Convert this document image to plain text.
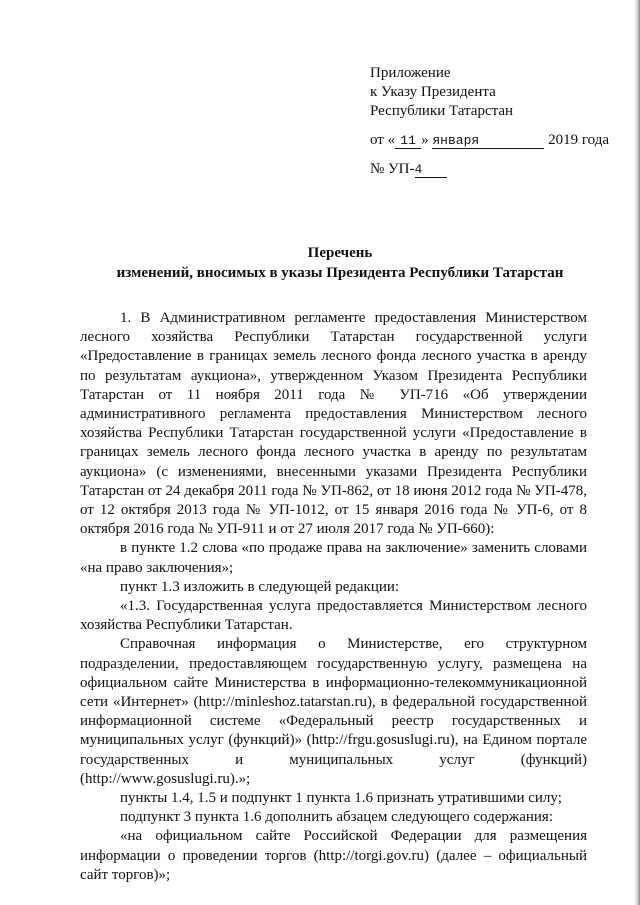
Приложение
к Указу Президента
Республики Татарстан
от « 11 » января	2019 года
№ УП-4
Перечень
изменений, вносимых в указы Президента Республики Татарстан

1. В Административном регламенте предоставления Министерством лесного хозяйства Республики Татарстан государственной услуги «Предоставление в границах земель лесного фонда лесного участка в аренду по результатам аукциона», утвержденном Указом Президента Республики Татарстан от 11 ноября 2011 года № УП-716 «Об утверждении административного регламента предоставления Министерством лесного хозяйства Республики Татарстан государственной услуги «Предоставление в границах земель лесного фонда лесного участка в аренду по результатам аукциона» (с изменениями, внесенными указами Президента Республики Татарстан от 24 декабря 2011 года № УП-862, от 18 июня 2012 года № УП-478, от 12 октября 2013 года № УП-1012, от 15 января 2016 года № УП-6, от 8 октября 2016 года № УП-911 и от 27 июля 2017 года № УП-660):

в пункте 1.2 слова «по продаже права на заключение» заменить словами «на право заключения»;

пункт 1.3 изложить в следующей редакции:

«1.3. Государственная услуга предоставляется Министерством лесного хозяйства Республики Татарстан.

Справочная информация о Министерстве, его структурном подразделении, предоставляющем государственную услугу, размещена на официальном сайте Министерства в информационно-телекоммуникационной сети «Интернет» (http://minleshoz.tatarstan.ru), в федеральной государственной информационной системе «Федеральный реестр государственных и муниципальных услуг (функций)» (http://frgu.gosuslugi.ru), на Едином портале государственных и муниципальных услуг (функций) (http://www.gosuslugi.ru).»;

пункты 1.4, 1.5 и подпункт 1 пункта 1.6 признать утратившими силу;

подпункт 3 пункта 1.6 дополнить абзацем следующего содержания:

«на официальном сайте Российской Федерации для размещения информации о проведении торгов (http://torgi.gov.ru) (далее – официальный сайт торгов)»;
